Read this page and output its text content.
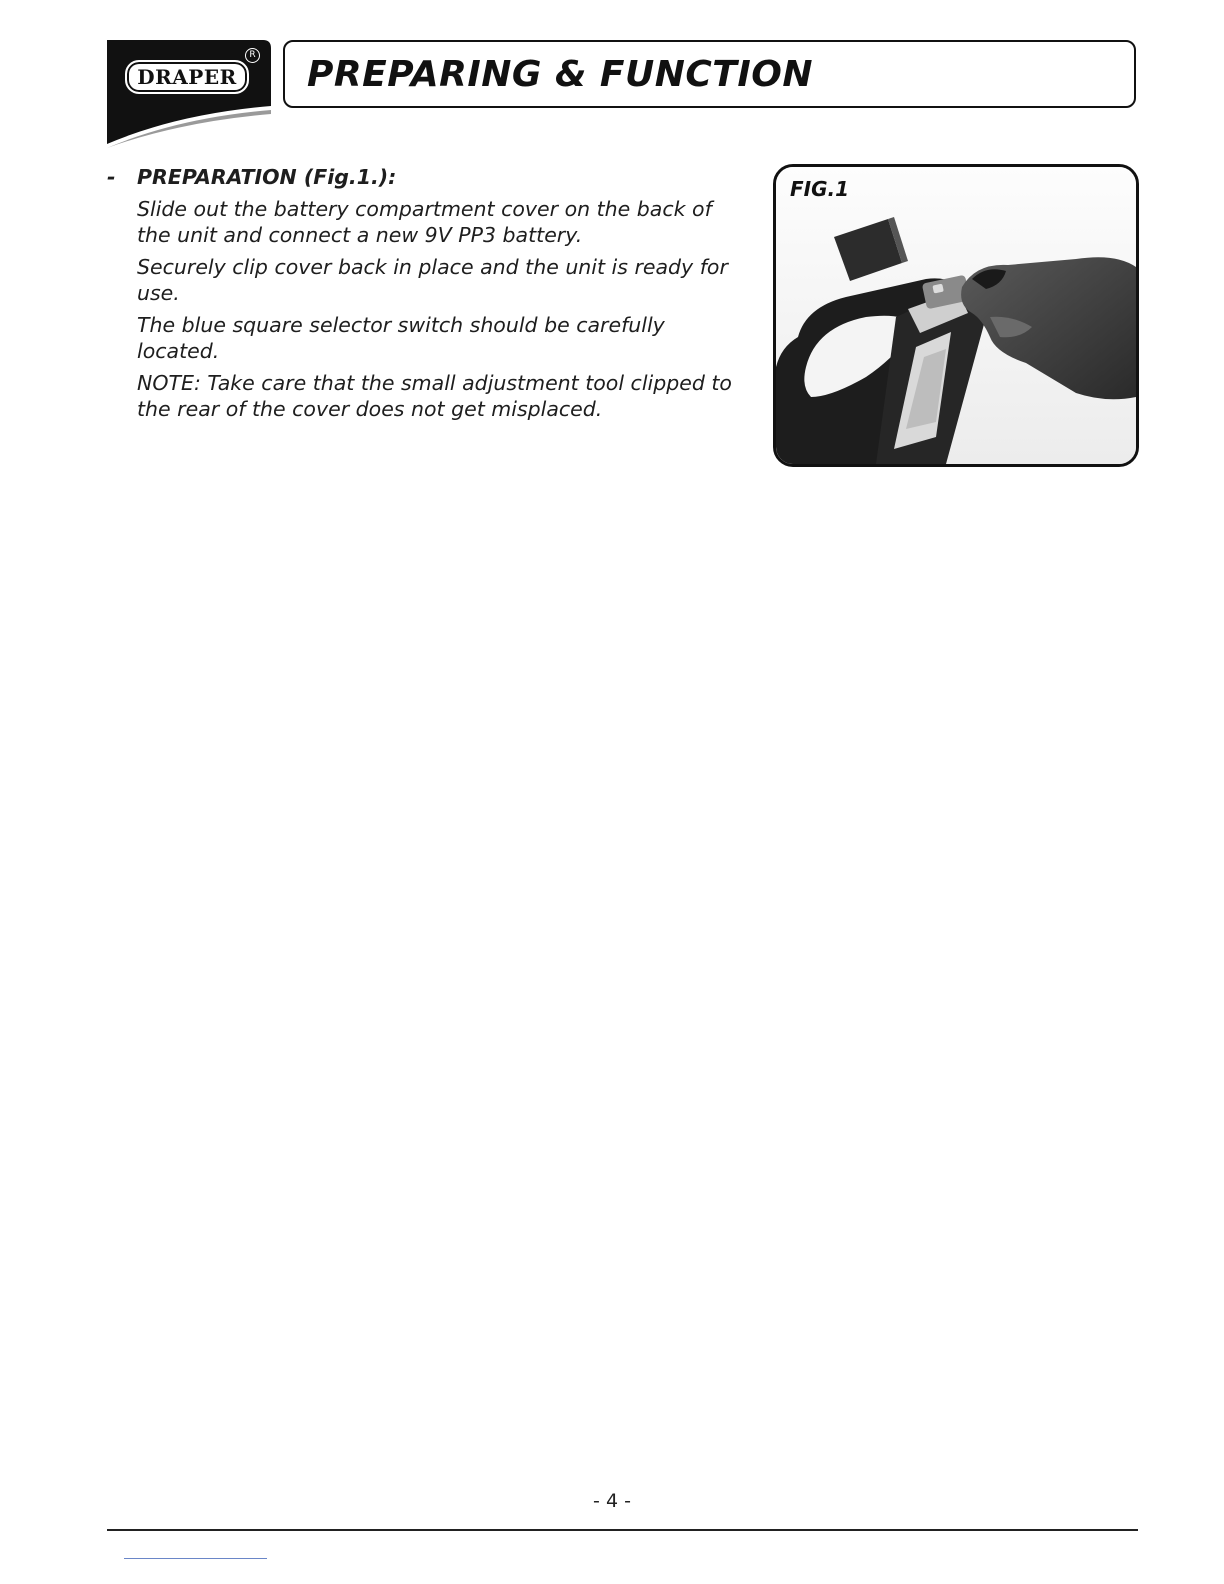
DRAPER
R PREPARING & FUNCTION
-	PREPARATION (Fig.1.):

Slide out the battery compartment cover on the back of the unit and connect a new 9V PP3 battery.

Securely clip cover back in place and the unit is ready for use.

The blue square selector switch should be carefully located.

NOTE: Take care that the small adjustment tool clipped to the rear of the cover does not get misplaced.

FIG.1
- 4 -
